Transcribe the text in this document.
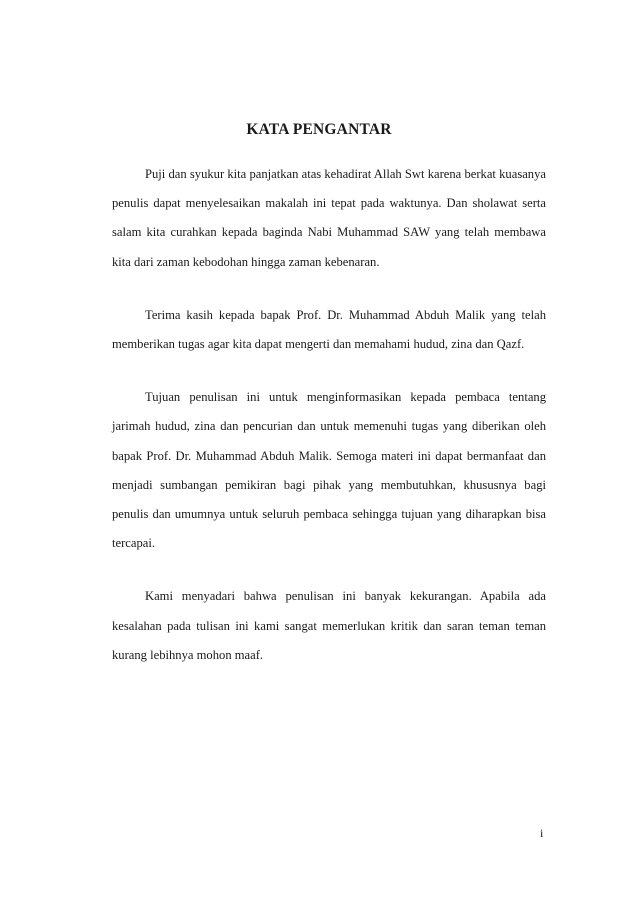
KATA PENGANTAR

Puji dan syukur kita panjatkan atas kehadirat Allah Swt karena berkat kuasanya penulis dapat menyelesaikan makalah ini tepat pada waktunya. Dan sholawat serta salam kita curahkan kepada baginda Nabi Muhammad SAW yang telah membawa kita dari zaman kebodohan hingga zaman kebenaran.

Terima kasih kepada bapak Prof. Dr. Muhammad Abduh Malik yang telah memberikan tugas agar kita dapat mengerti dan memahami hudud, zina dan Qazf.

Tujuan penulisan ini untuk menginformasikan kepada pembaca tentang jarimah hudud, zina dan pencurian dan untuk memenuhi tugas yang diberikan oleh bapak Prof. Dr. Muhammad Abduh Malik. Semoga materi ini dapat bermanfaat dan menjadi sumbangan pemikiran bagi pihak yang membutuhkan, khususnya bagi penulis dan umumnya untuk seluruh pembaca sehingga tujuan yang diharapkan bisa tercapai.

Kami menyadari bahwa penulisan ini banyak kekurangan. Apabila ada kesalahan pada tulisan ini kami sangat memerlukan kritik dan saran teman teman kurang lebihnya mohon maaf.

i
